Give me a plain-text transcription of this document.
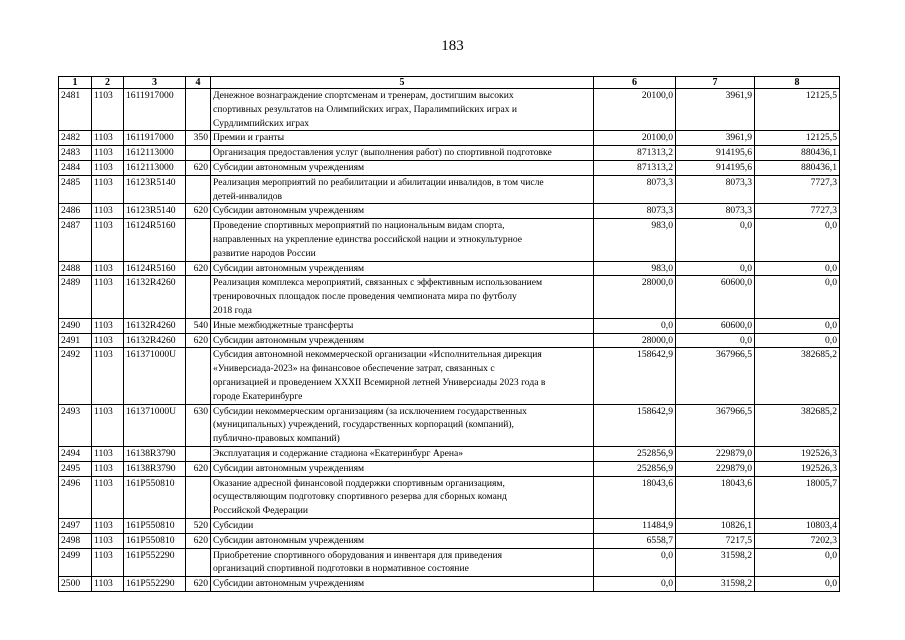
183
1	2	3	4	5	6	7	8
2481	1103	1611917000		Денежное вознаграждение спортсменам и тренерам, достигшим высоких
спортивных результатов на Олимпийских играх, Паралимпийских играх и
Сурдлимпийских играх	20100,0	3961,9	12125,5
2482	1103	1611917000	350	Премии и гранты	20100,0	3961,9	12125,5
2483	1103	1612113000		Организация предоставления услуг (выполнения работ) по спортивной подготовке	871313,2	914195,6	880436,1
2484	1103	1612113000	620	Субсидии автономным учреждениям	871313,2	914195,6	880436,1
2485	1103	16123R5140		Реализация мероприятий по реабилитации и абилитации инвалидов, в том числе
детей-инвалидов	8073,3	8073,3	7727,3
2486	1103	16123R5140	620	Субсидии автономным учреждениям	8073,3	8073,3	7727,3
2487	1103	16124R5160		Проведение спортивных мероприятий по национальным видам спорта,
направленных на укрепление единства российской нации и этнокультурное
развитие народов России	983,0	0,0	0,0
2488	1103	16124R5160	620	Субсидии автономным учреждениям	983,0	0,0	0,0
2489	1103	16132R4260		Реализация комплекса мероприятий, связанных с эффективным использованием
тренировочных площадок после проведения чемпионата мира по футболу
2018 года	28000,0	60600,0	0,0
2490	1103	16132R4260	540	Иные межбюджетные трансферты	0,0	60600,0	0,0
2491	1103	16132R4260	620	Субсидии автономным учреждениям	28000,0	0,0	0,0
2492	1103	161371000U		Субсидия автономной некоммерческой организации «Исполнительная дирекция
«Универсиада-2023» на финансовое обеспечение затрат, связанных с
организацией и проведением XXXII Всемирной летней Универсиады 2023 года в
городе Екатеринбурге	158642,9	367966,5	382685,2
2493	1103	161371000U	630	Субсидии некоммерческим организациям (за исключением государственных
(муниципальных) учреждений, государственных корпораций (компаний),
публично-правовых компаний)	158642,9	367966,5	382685,2
2494	1103	16138R3790		Эксплуатация и содержание стадиона «Екатеринбург Арена»	252856,9	229879,0	192526,3
2495	1103	16138R3790	620	Субсидии автономным учреждениям	252856,9	229879,0	192526,3
2496	1103	161P550810		Оказание адресной финансовой поддержки спортивным организациям,
осуществляющим подготовку спортивного резерва для сборных команд
Российской Федерации	18043,6	18043,6	18005,7
2497	1103	161P550810	520	Субсидии	11484,9	10826,1	10803,4
2498	1103	161P550810	620	Субсидии автономным учреждениям	6558,7	7217,5	7202,3
2499	1103	161P552290		Приобретение спортивного оборудования и инвентаря для приведения
организаций спортивной подготовки в нормативное состояние	0,0	31598,2	0,0
2500	1103	161P552290	620	Субсидии автономным учреждениям	0,0	31598,2	0,0
